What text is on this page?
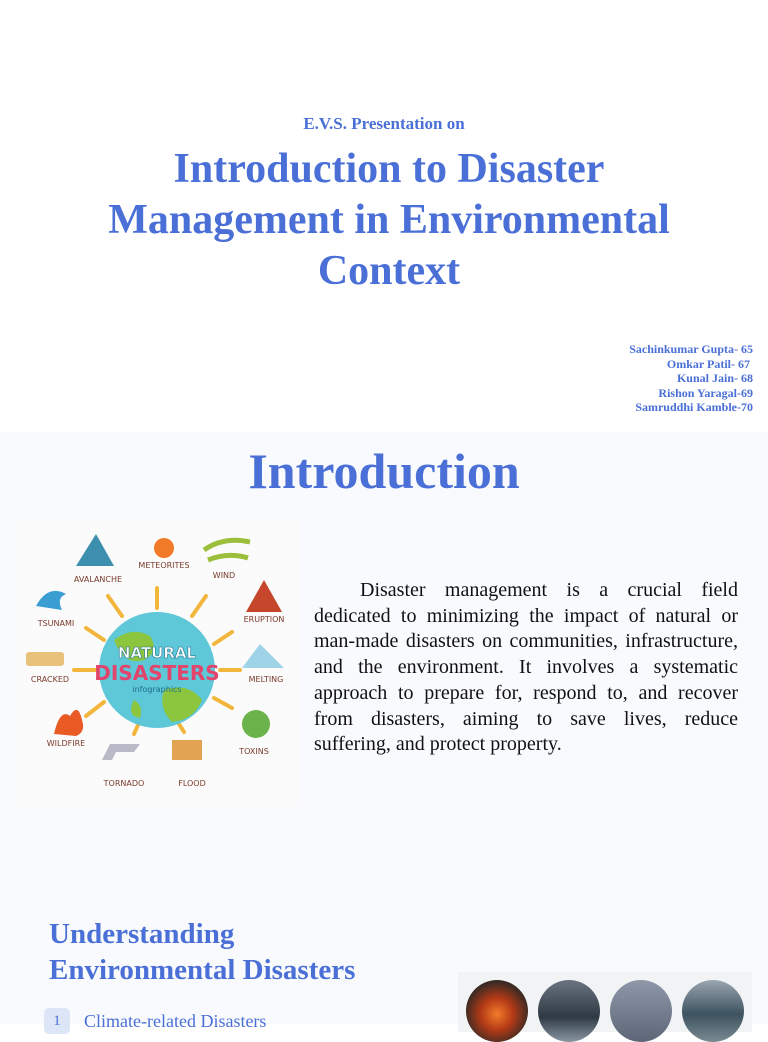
E.V.S. Presentation on
Introduction to Disaster
Management in Environmental
Context
Sachinkumar Gupta- 65
Omkar Patil- 67
Kunal Jain- 68
Rishon Yaragal-69
Samruddhi Kamble-70
Introduction
NATURAL
DISASTERS
infographics
AVALANCHE
METEORITES
WIND
ERUPTION
MELTING
TOXINS
FLOOD
TORNADO
WILDFIRE
CRACKED
TSUNAMI

Disaster management is a crucial field dedicated to minimizing the impact of natural or man-made disasters on communities, infrastructure, and the environment. It involves a systematic approach to prepare for, respond to, and recover from disasters, aiming to save lives, reduce suffering, and protect property.

Understanding
Environmental Disasters
1	Climate-related Disasters
